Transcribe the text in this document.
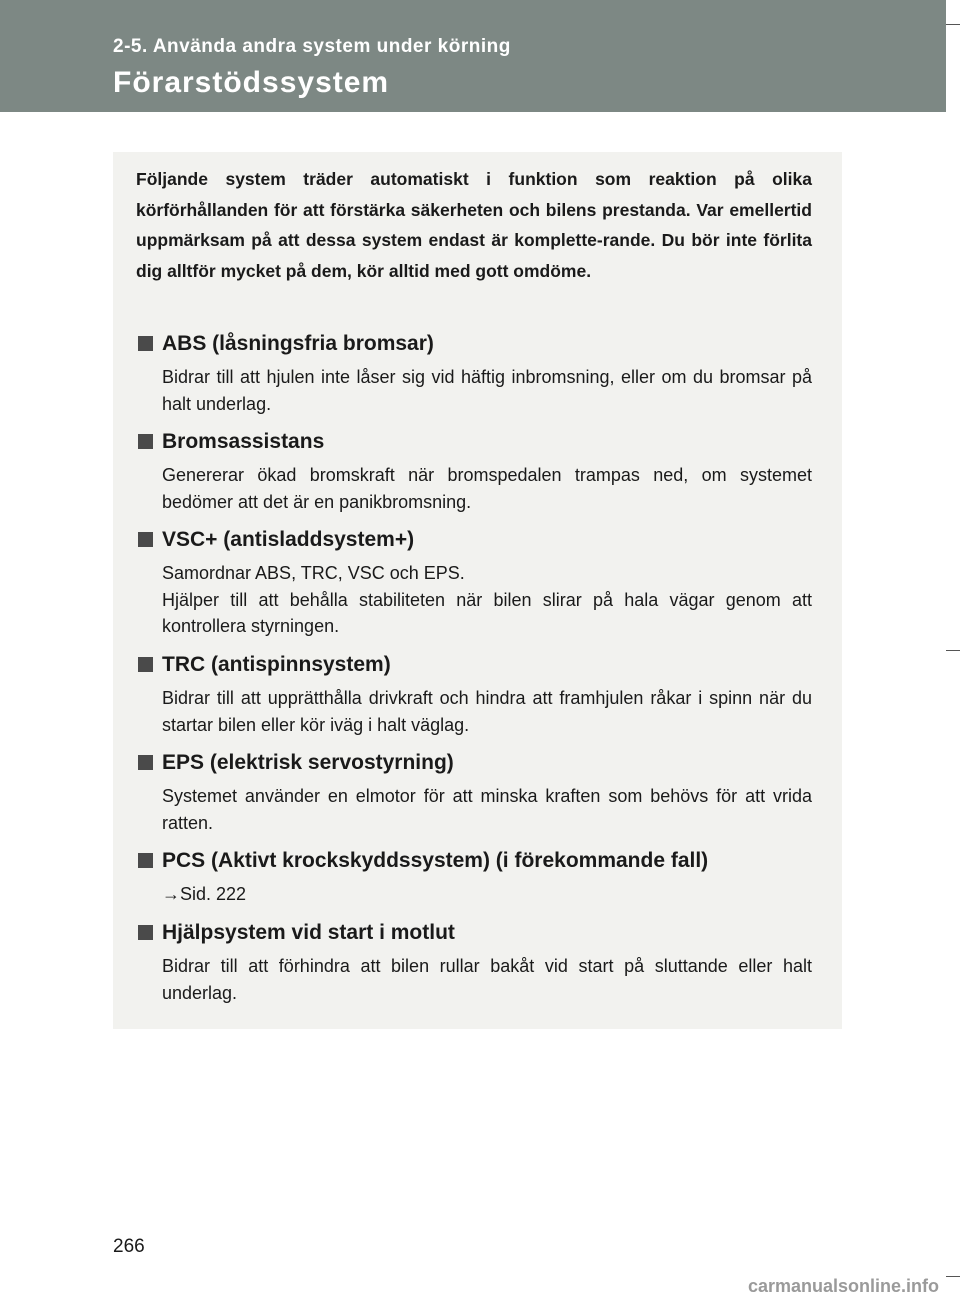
2-5. Använda andra system under körning
Förarstödssystem
Följande system träder automatiskt i funktion som reaktion på olika körförhållanden för att förstärka säkerheten och bilens prestanda. Var emellertid uppmärksam på att dessa system endast är komplette-rande. Du bör inte förlita dig alltför mycket på dem, kör alltid med gott omdöme.
ABS (låsningsfria bromsar)
Bidrar till att hjulen inte låser sig vid häftig inbromsning, eller om du bromsar på halt underlag.
Bromsassistans
Genererar ökad bromskraft när bromspedalen trampas ned, om systemet bedömer att det är en panikbromsning.
VSC+ (antisladdsystem+)
Samordnar ABS, TRC, VSC och EPS.
Hjälper till att behålla stabiliteten när bilen slirar på hala vägar genom att kontrollera styrningen.
TRC (antispinnsystem)
Bidrar till att upprätthålla drivkraft och hindra att framhjulen råkar i spinn när du startar bilen eller kör iväg i halt väglag.
EPS (elektrisk servostyrning)
Systemet använder en elmotor för att minska kraften som behövs för att vrida ratten.
PCS (Aktivt krockskyddssystem) (i förekommande fall)
→Sid. 222
Hjälpsystem vid start i motlut
Bidrar till att förhindra att bilen rullar bakåt vid start på sluttande eller halt underlag.
266
carmanualsonline.info
